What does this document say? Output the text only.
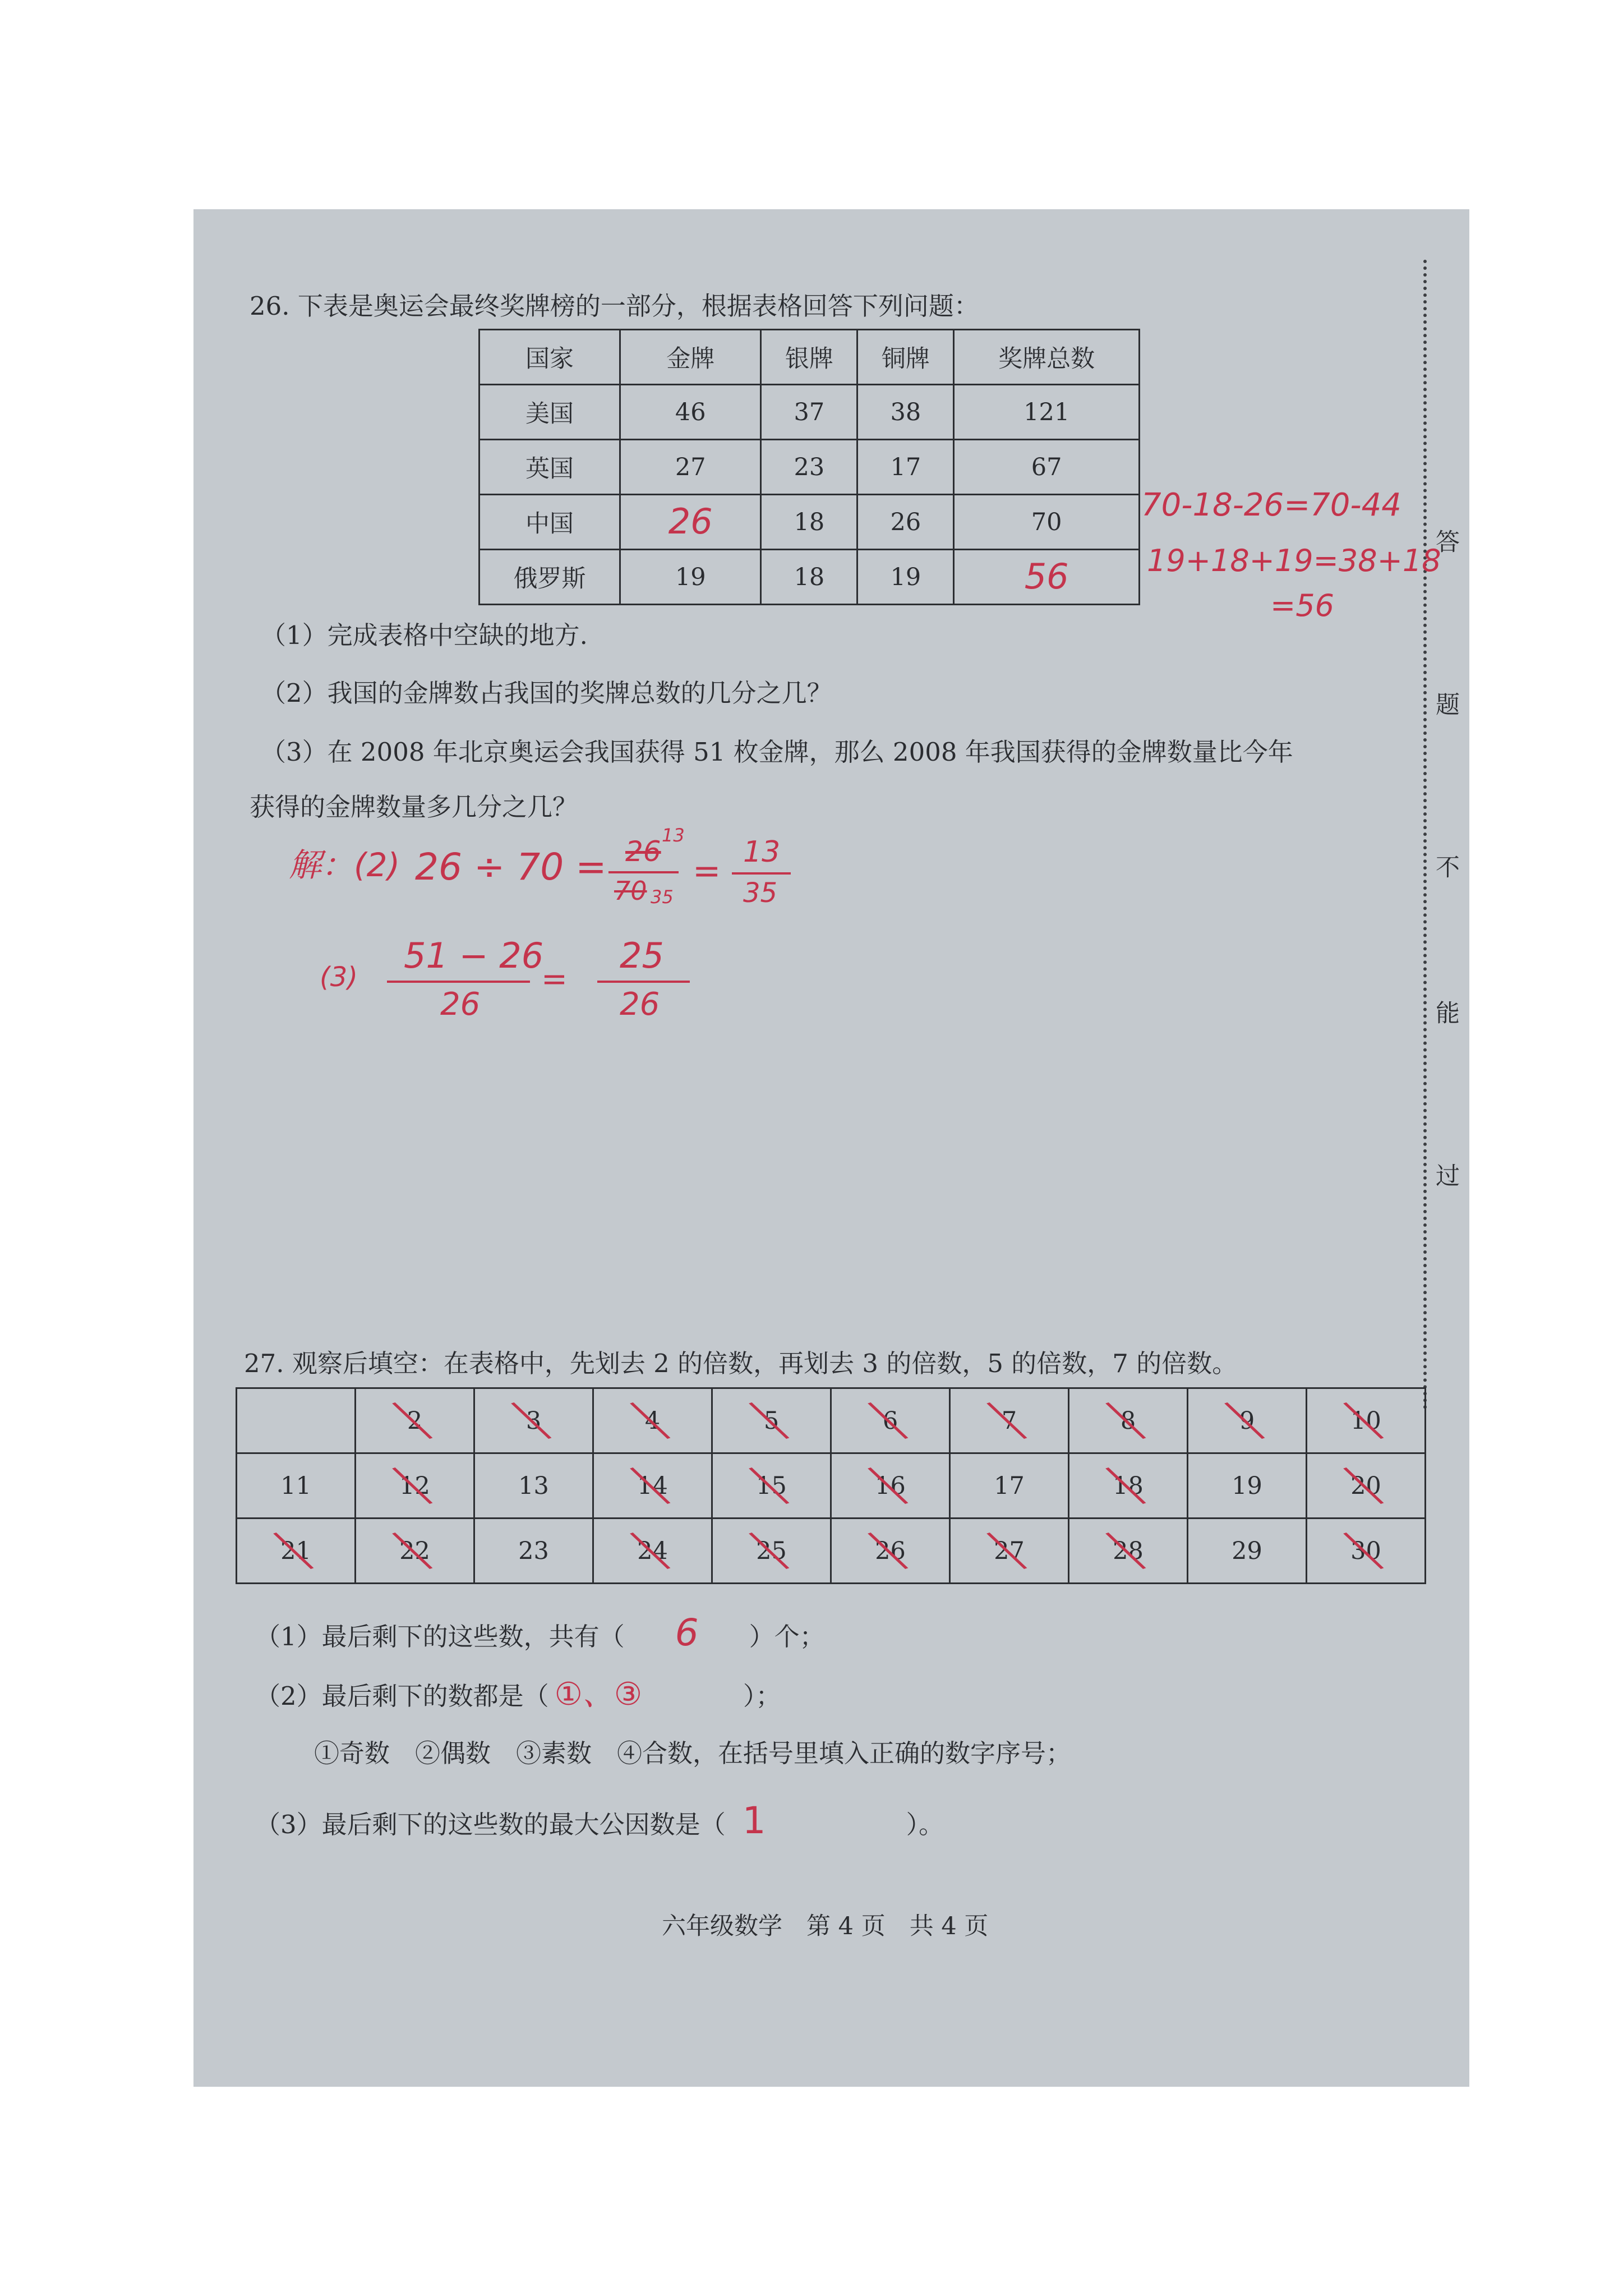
答
题
不
能
过
26. 下表是奥运会最终奖牌榜的一部分，根据表格回答下列问题：
国家	金牌	银牌	铜牌	奖牌总数
美国	46	37	38	121
英国	27	23	17	67
中国	26	18	26	70
俄罗斯	19	18	19	56
70-18-26=70-44
19+18+19=38+18
=56
（1）完成表格中空缺的地方.
（2）我国的金牌数占我国的奖牌总数的几分之几？
（3）在 2008 年北京奥运会我国获得 51 枚金牌，那么 2008 年我国获得的金牌数量比今年
获得的金牌数量多几分之几？
解：(2) 26 ÷ 70 = 26 13
70 35
= 13
35
(3)
51 − 26
26
=
25
26
27. 观察后填空：在表格中，先划去 2 的倍数，再划去 3 的倍数，5 的倍数，7 的倍数。
	2	3	4	5	6	7	8	9	10

11	12	13	14	15	16	17	18	19	20

21	22	23	24	25	26	27	28	29	30
（1）最后剩下的这些数，共有（ 6 ）个；
（2）最后剩下的数都是（ ①、③	）；
①奇数　②偶数　③素数　④合数，在括号里填入正确的数字序号；
（3）最后剩下的这些数的最大公因数是（ 1	）。
六年级数学　第 4 页　共 4 页
